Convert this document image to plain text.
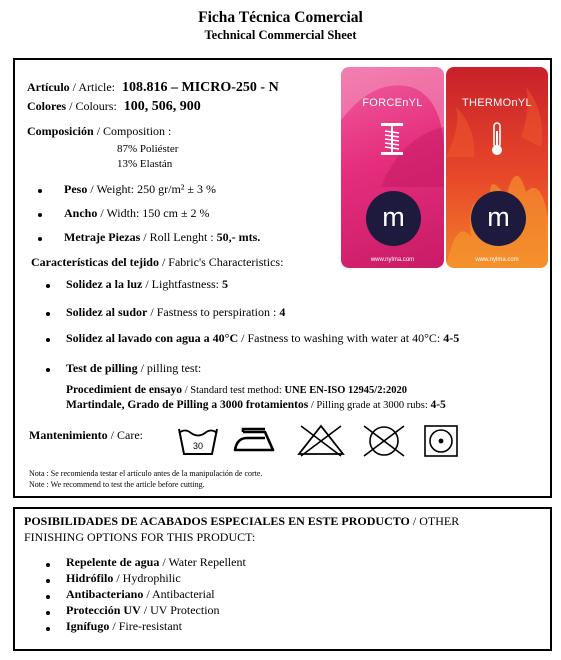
Ficha Técnica Comercial
Technical Commercial Sheet
Artículo / Article: 108.816 – MICRO-250 - N
Colores / Colours: 100, 506, 900
Composición / Composition :
87% Poliéster
13% Elastán
Peso / Weight: 250 gr/m² ± 3 %
Ancho / Width: 150 cm ± 2 %
Metraje Piezas / Roll Lenght : 50,- mts.
Características del tejido / Fabric's Characteristics:
Solidez a la luz / Lightfastness: 5
Solidez al sudor / Fastness to perspiration : 4
Solidez al lavado con agua a 40°C / Fastness to washing with water at 40°C: 4-5
Test de pilling / pilling test:
Procedimient de ensayo / Standard test method: UNE EN-ISO 12945/2:2020
Martindale, Grado de Pilling a 3000 frotamientos / Pilling grade at 3000 rubs: 4-5
Mantenimiento / Care:
30
Nota : Se recomienda testar el artículo antes de la manipulación de corte.
Note : We recommend to test the article before cutting.
FORCEnYL
m
www.nylma.com
THERMOnYL
m
www.nylma.com
POSIBILIDADES DE ACABADOS ESPECIALES EN ESTE PRODUCTO / OTHER
FINISHING OPTIONS FOR THIS PRODUCT:
Repelente de agua / Water Repellent
Hidrófilo / Hydrophilic
Antibacteriano / Antibacterial
Protección UV / UV Protection
Ignífugo / Fire-resistant
